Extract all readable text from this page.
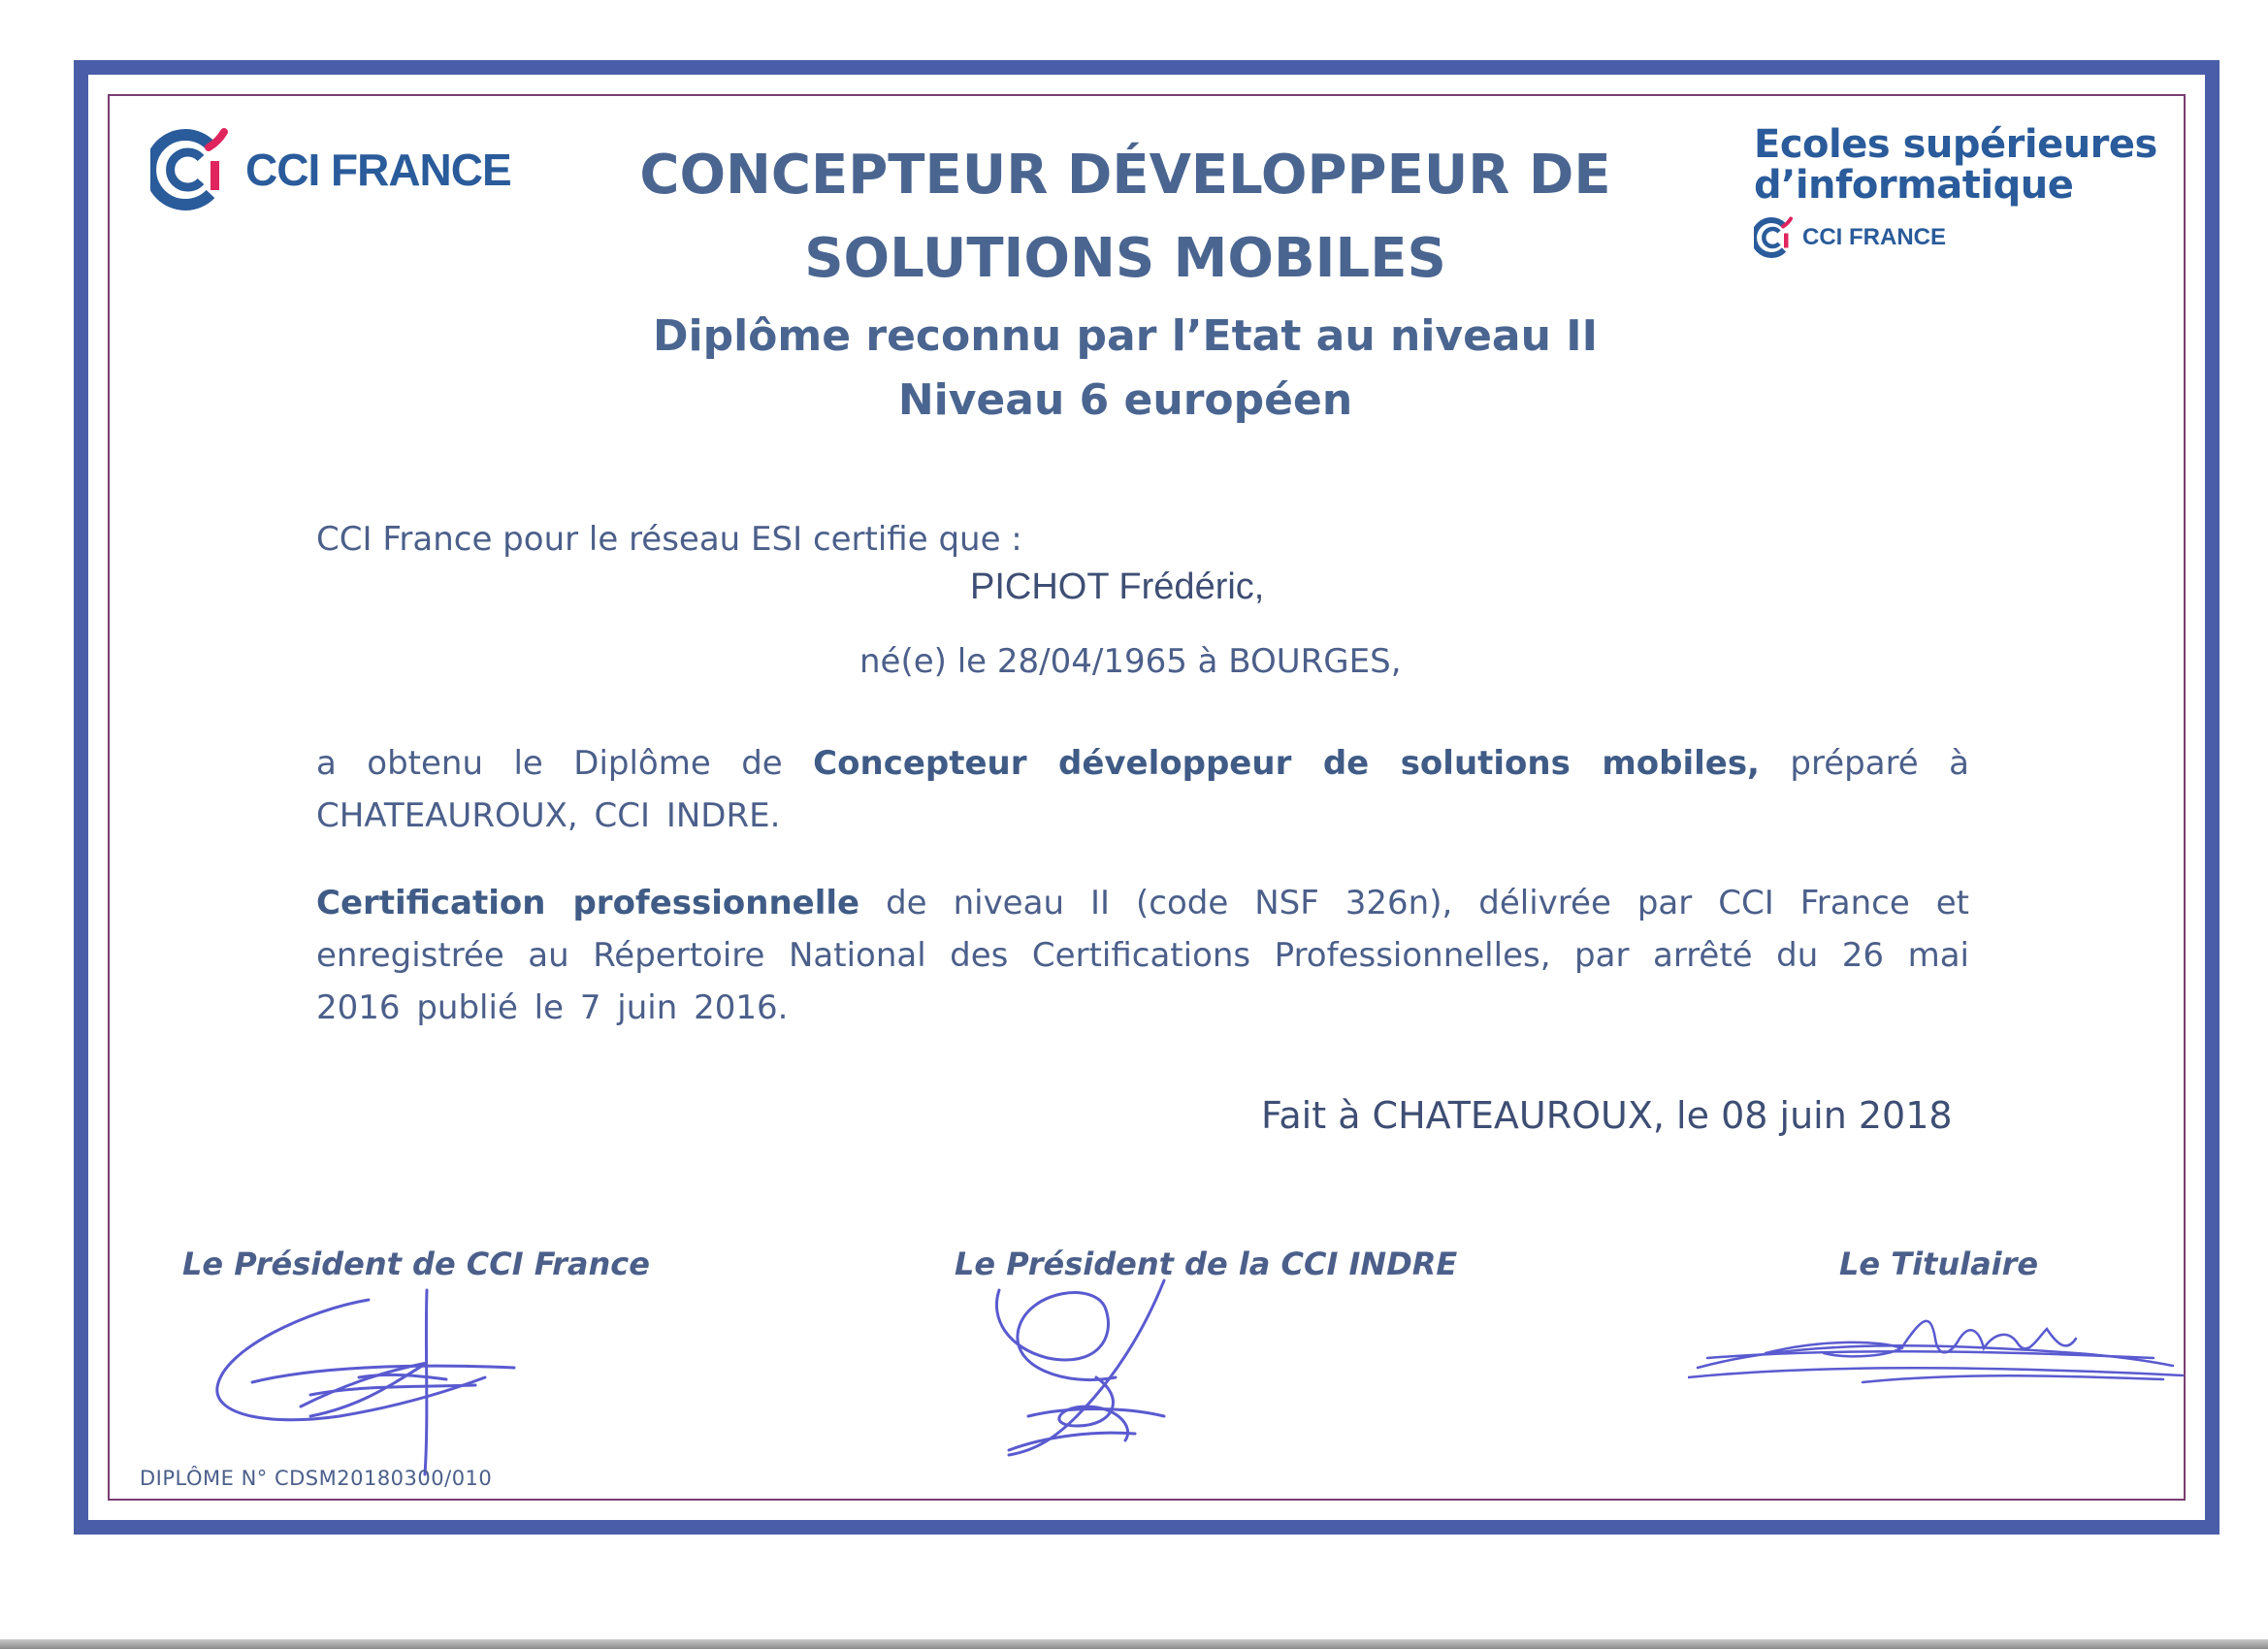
CCI FRANCE	Ecoles supérieures
d’informatique
CCI FRANCE
CONCEPTEUR DÉVELOPPEUR DE
SOLUTIONS MOBILES
Diplôme reconnu par l’Etat au niveau II
Niveau 6 européen
CCI France pour le réseau ESI certifie que :
PICHOT Frédéric,
né(e) le 28/04/1965 à BOURGES,
a obtenu le Diplôme de Concepteur développeur de solutions mobiles, préparé à CHATEAUROUX, CCI INDRE.
Certification professionnelle de niveau II (code NSF 326n), délivrée par CCI France et enregistrée au Répertoire National des Certifications Professionnelles, par arrêté du 26 mai 2016 publié le 7 juin 2016.
Fait à CHATEAUROUX, le 08 juin 2018
Le Président de CCI France	Le Président de la CCI INDRE	Le Titulaire
DIPLÔME N° CDSM20180300/010
